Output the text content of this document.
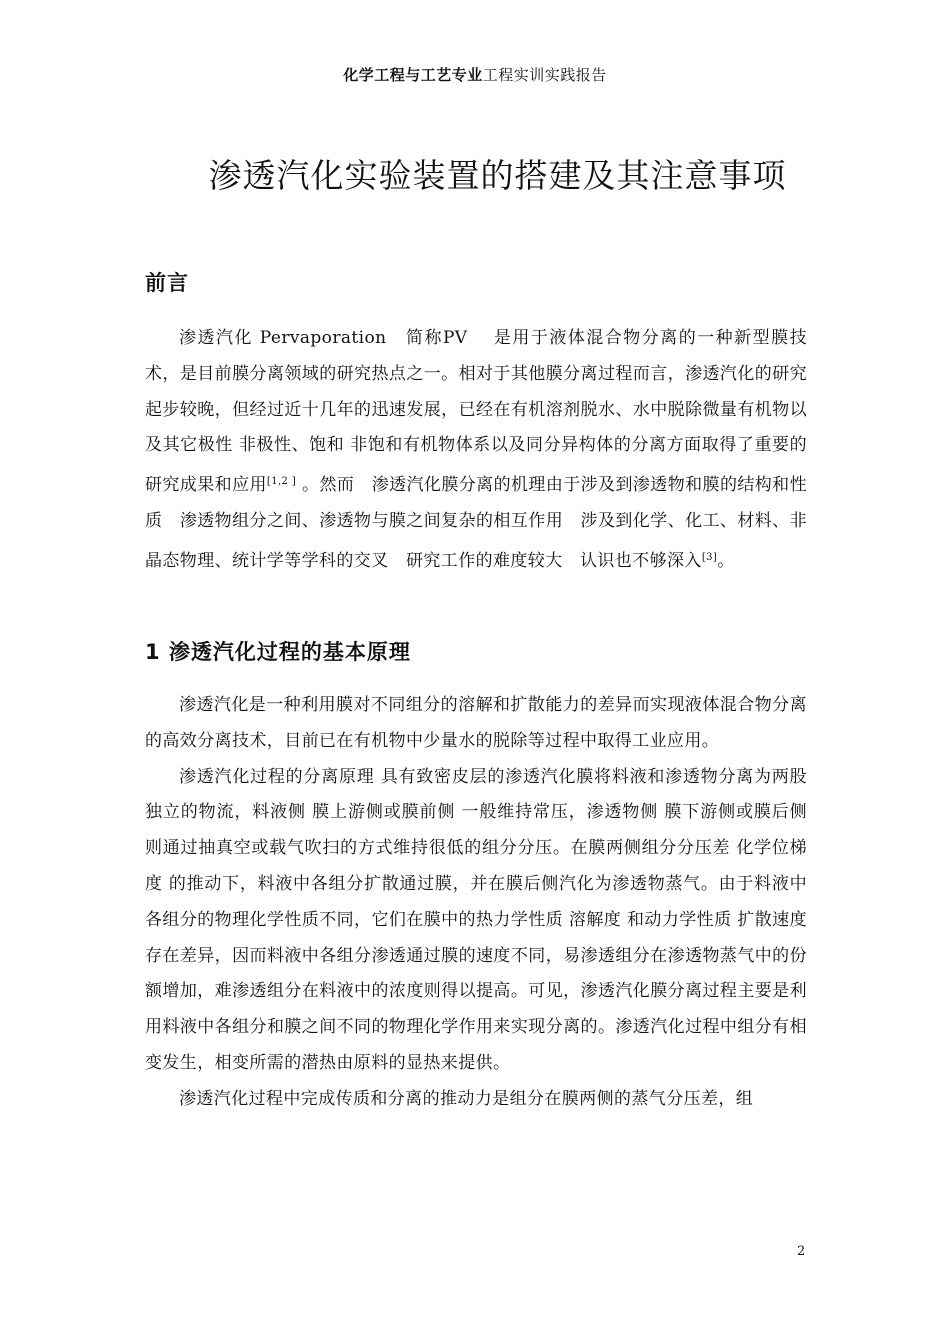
化学工程与工艺专业工程实训实践报告
渗透汽化实验装置的搭建及其注意事项
前言

渗透汽化 Pervaporation　简称PV　 是用于液体混合物分离的一种新型膜技术，是目前膜分离领域的研究热点之一。相对于其他膜分离过程而言，渗透汽化的研究起步较晚，但经过近十几年的迅速发展，已经在有机溶剂脱水、水中脱除微量有机物以及其它极性 非极性、饱和 非饱和有机物体系以及同分异构体的分离方面取得了重要的研究成果和应用[1,2 ] 。然而　渗透汽化膜分离的机理由于涉及到渗透物和膜的结构和性质　渗透物组分之间、渗透物与膜之间复杂的相互作用　涉及到化学、化工、材料、非晶态物理、统计学等学科的交叉　研究工作的难度较大　认识也不够深入[3]。

1 渗透汽化过程的基本原理

渗透汽化是一种利用膜对不同组分的溶解和扩散能力的差异而实现液体混合物分离的高效分离技术，目前已在有机物中少量水的脱除等过程中取得工业应用。

渗透汽化过程的分离原理 具有致密皮层的渗透汽化膜将料液和渗透物分离为两股独立的物流，料液侧 膜上游侧或膜前侧 一般维持常压，渗透物侧 膜下游侧或膜后侧 则通过抽真空或载气吹扫的方式维持很低的组分分压。在膜两侧组分分压差 化学位梯度 的推动下，料液中各组分扩散通过膜，并在膜后侧汽化为渗透物蒸气。由于料液中各组分的物理化学性质不同，它们在膜中的热力学性质 溶解度 和动力学性质 扩散速度 存在差异，因而料液中各组分渗透通过膜的速度不同，易渗透组分在渗透物蒸气中的份额增加，难渗透组分在料液中的浓度则得以提高。可见，渗透汽化膜分离过程主要是利用料液中各组分和膜之间不同的物理化学作用来实现分离的。渗透汽化过程中组分有相变发生，相变所需的潜热由原料的显热来提供。

渗透汽化过程中完成传质和分离的推动力是组分在膜两侧的蒸气分压差，组

2
